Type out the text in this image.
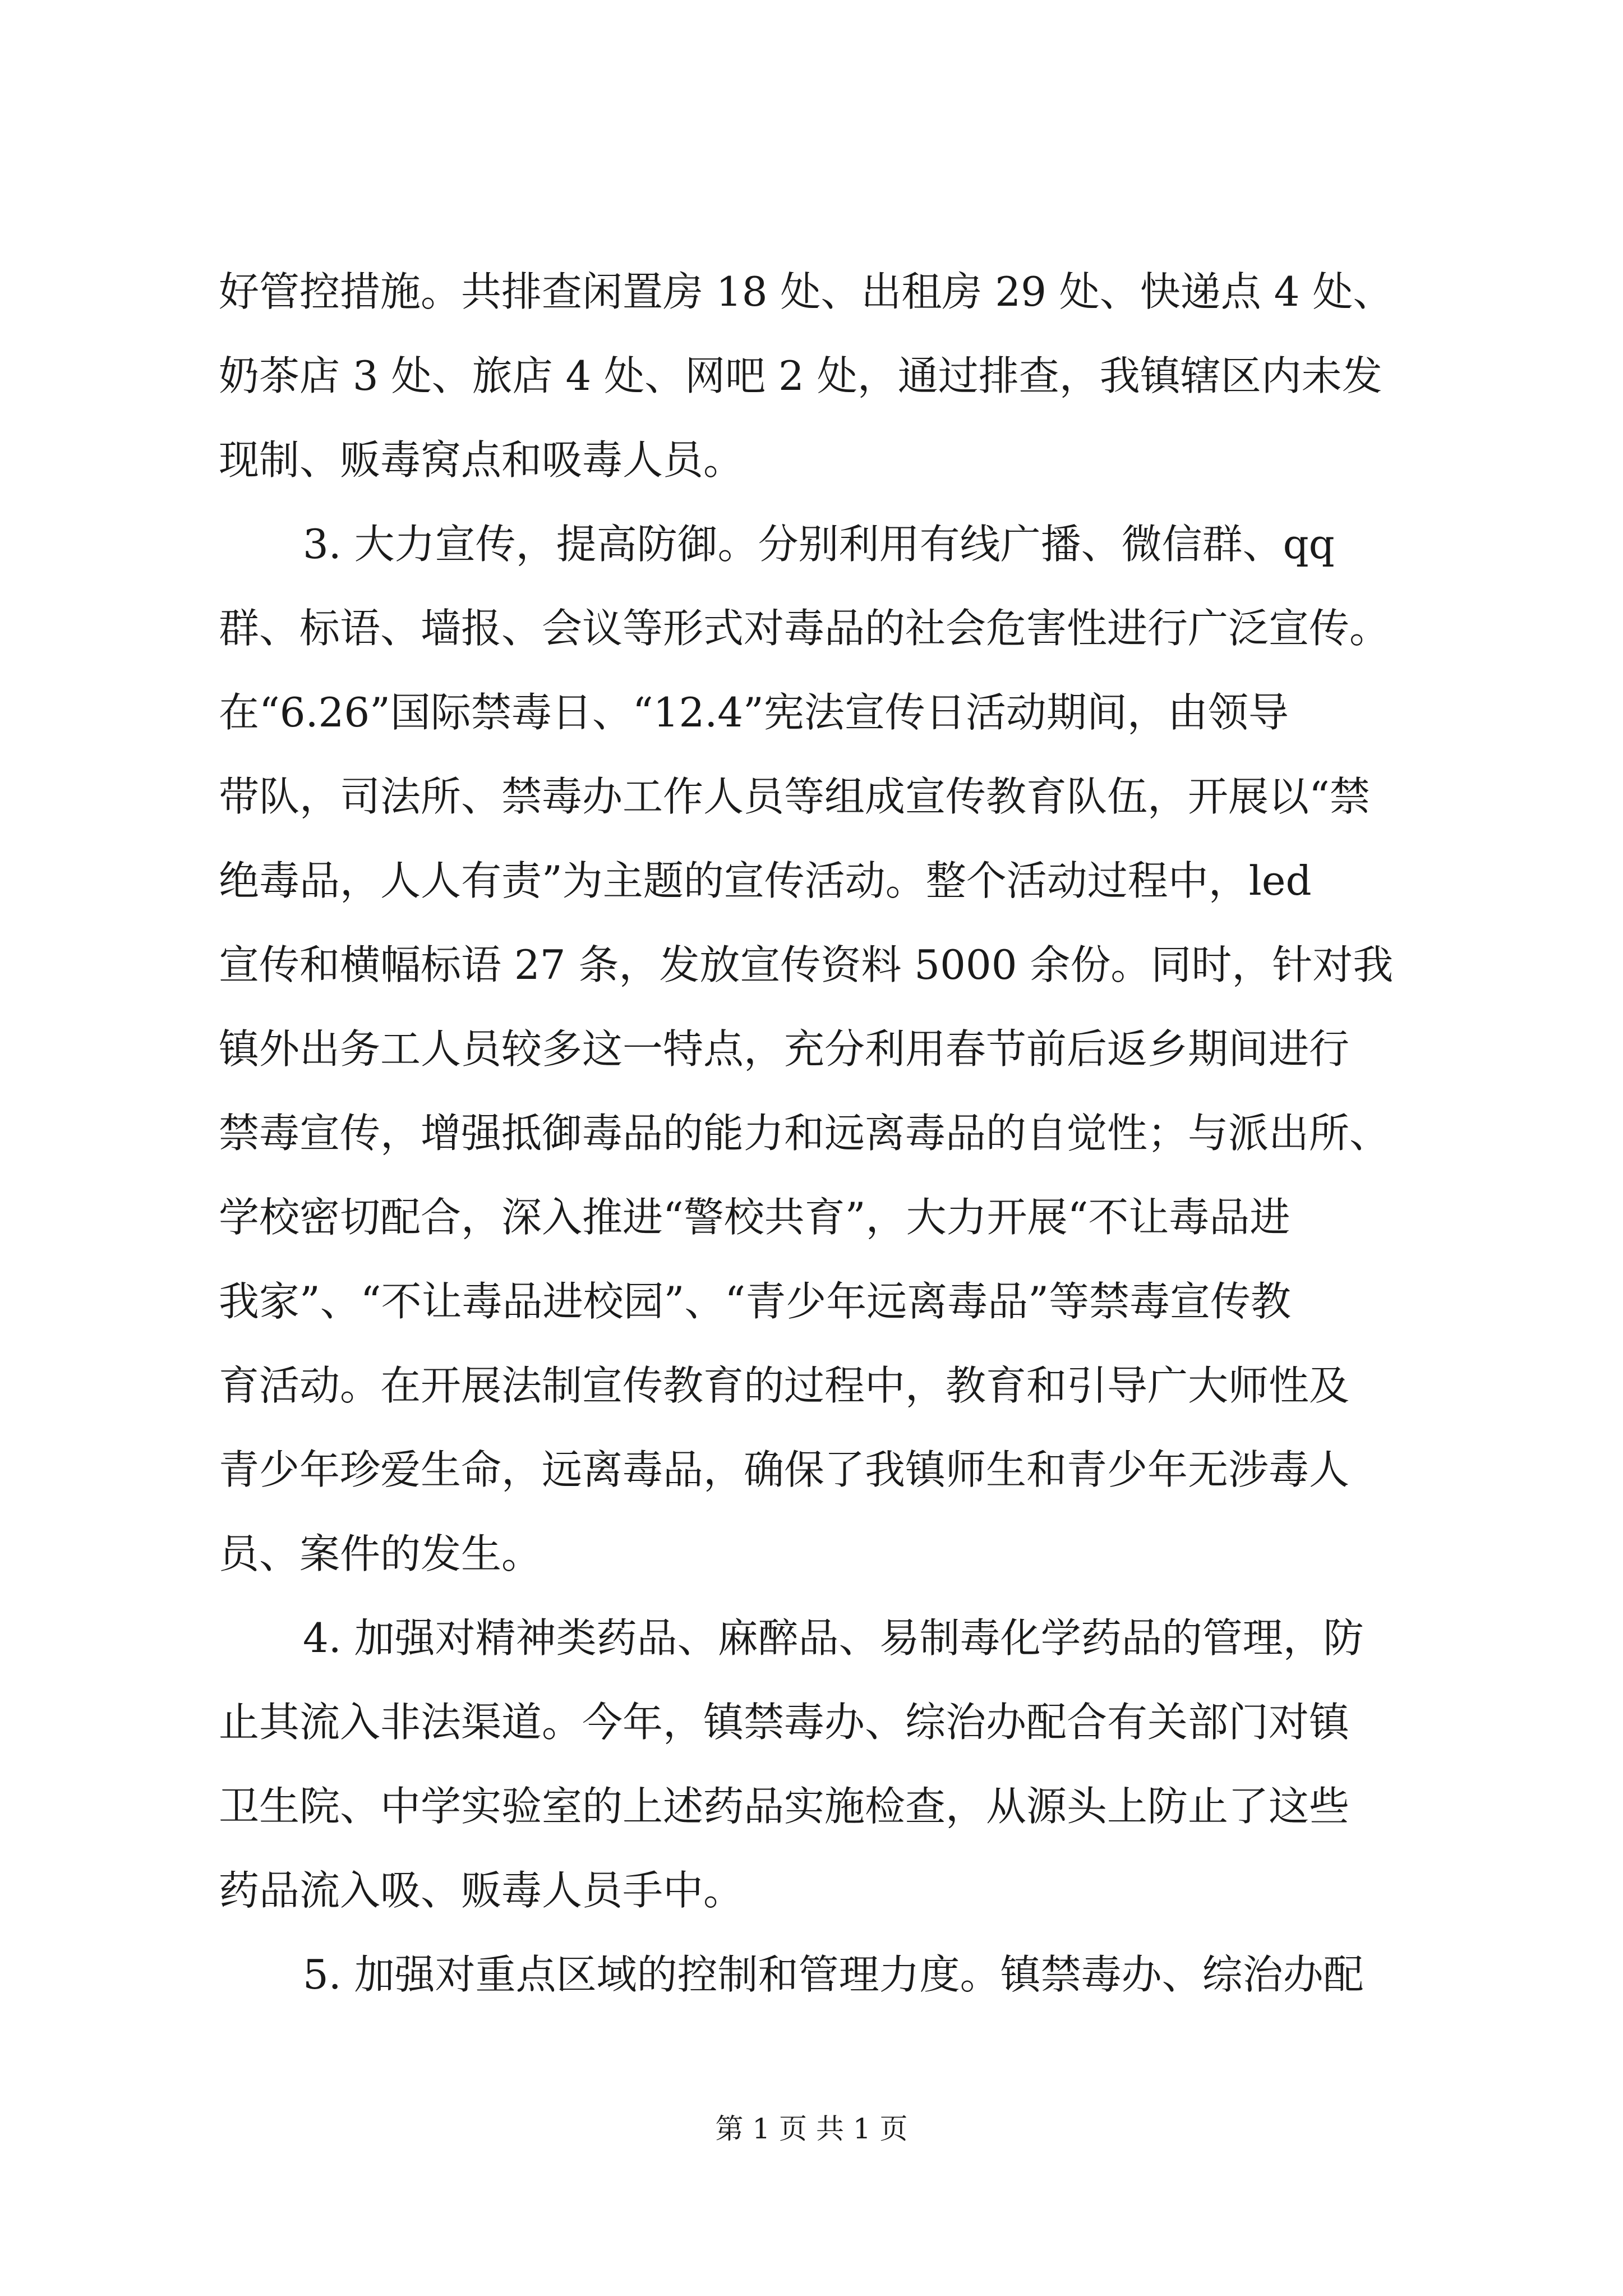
好管控措施。共排查闲置房 18 处、出租房 29 处、快递点 4 处、
奶茶店 3 处、旅店 4 处、网吧 2 处，通过排查，我镇辖区内未发
现制、贩毒窝点和吸毒人员。
3. 大力宣传，提高防御。分别利用有线广播、微信群、qq
群、标语、墙报、会议等形式对毒品的社会危害性进行广泛宣传。
在“6.26”国际禁毒日、“12.4”宪法宣传日活动期间，由领导
带队，司法所、禁毒办工作人员等组成宣传教育队伍，开展以“禁
绝毒品，人人有责”为主题的宣传活动。整个活动过程中，led
宣传和横幅标语 27 条，发放宣传资料 5000 余份。同时，针对我
镇外出务工人员较多这一特点，充分利用春节前后返乡期间进行
禁毒宣传，增强抵御毒品的能力和远离毒品的自觉性；与派出所、
学校密切配合，深入推进“警校共育”，大力开展“不让毒品进
我家”、“不让毒品进校园”、“青少年远离毒品”等禁毒宣传教
育活动。在开展法制宣传教育的过程中，教育和引导广大师性及
青少年珍爱生命，远离毒品，确保了我镇师生和青少年无涉毒人
员、案件的发生。
4. 加强对精神类药品、麻醉品、易制毒化学药品的管理，防
止其流入非法渠道。今年，镇禁毒办、综治办配合有关部门对镇
卫生院、中学实验室的上述药品实施检查，从源头上防止了这些
药品流入吸、贩毒人员手中。
5. 加强对重点区域的控制和管理力度。镇禁毒办、综治办配
第 1 页 共 1 页
